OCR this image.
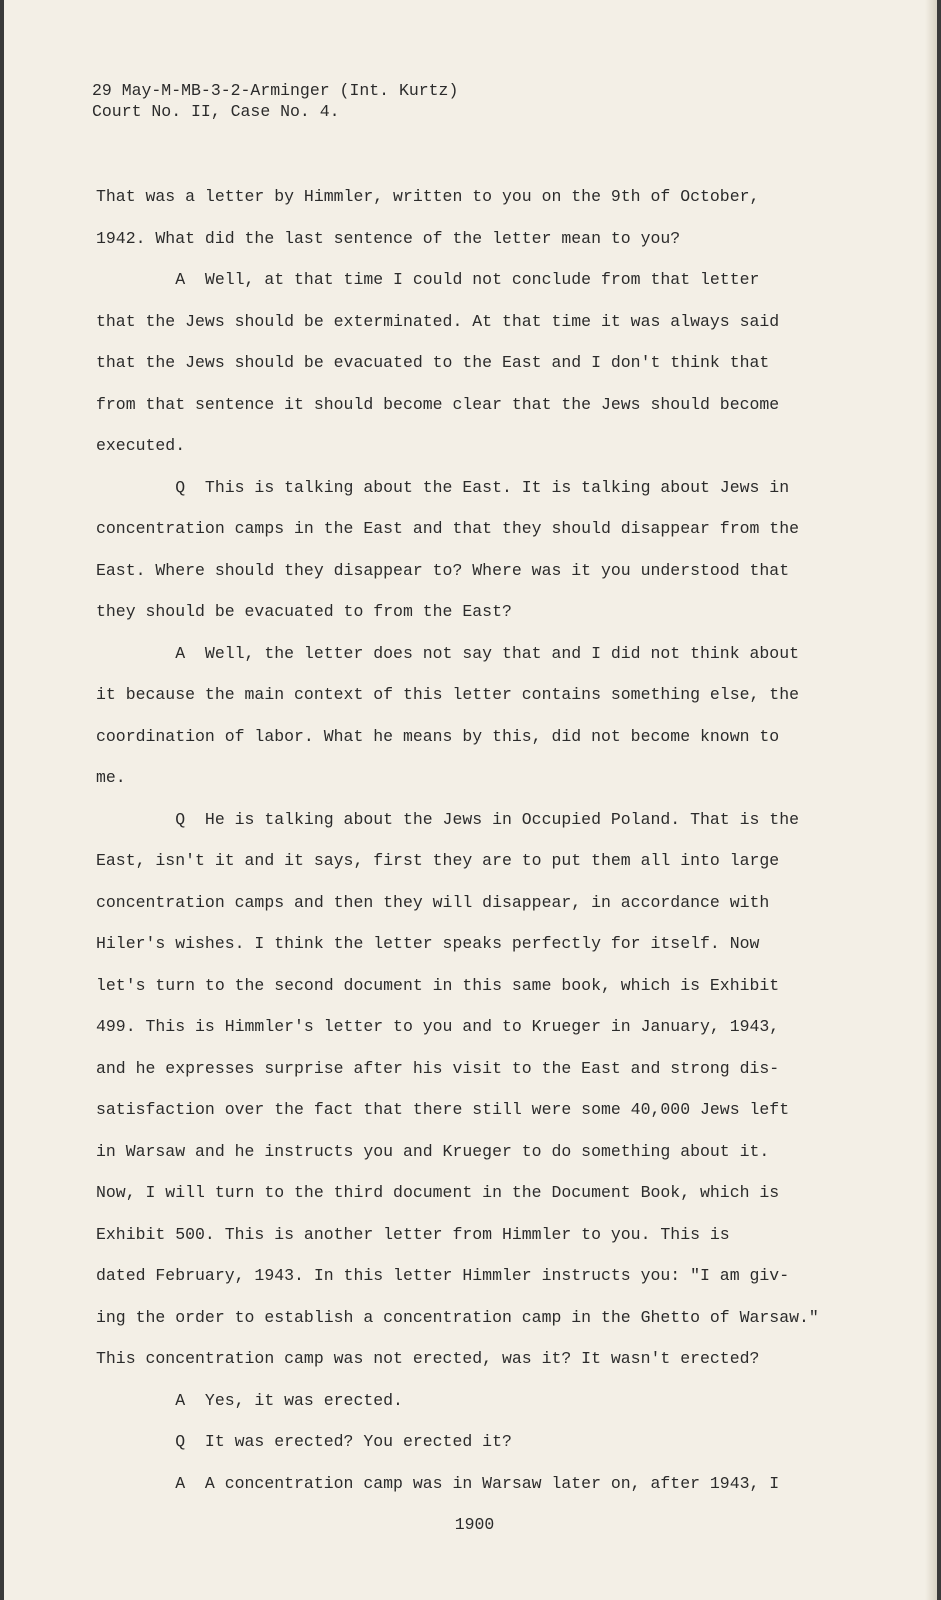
29 May-M-MB-3-2-Arminger (Int. Kurtz)
Court No. II, Case No. 4.
That was a letter by Himmler, written to you on the 9th of October,
1942. What did the last sentence of the letter mean to you?
A  Well, at that time I could not conclude from that letter
that the Jews should be exterminated. At that time it was always said
that the Jews should be evacuated to the East and I don't think that
from that sentence it should become clear that the Jews should become
executed.
Q  This is talking about the East. It is talking about Jews in
concentration camps in the East and that they should disappear from the
East. Where should they disappear to? Where was it you understood that
they should be evacuated to from the East?
A  Well, the letter does not say that and I did not think about
it because the main context of this letter contains something else, the
coordination of labor. What he means by this, did not become known to
me.
Q  He is talking about the Jews in Occupied Poland. That is the
East, isn't it and it says, first they are to put them all into large
concentration camps and then they will disappear, in accordance with
Hiler's wishes. I think the letter speaks perfectly for itself. Now
let's turn to the second document in this same book, which is Exhibit
499. This is Himmler's letter to you and to Krueger in January, 1943,
and he expresses surprise after his visit to the East and strong dis-
satisfaction over the fact that there still were some 40,000 Jews left
in Warsaw and he instructs you and Krueger to do something about it.
Now, I will turn to the third document in the Document Book, which is
Exhibit 500. This is another letter from Himmler to you. This is
dated February, 1943. In this letter Himmler instructs you: "I am giv-
ing the order to establish a concentration camp in the Ghetto of Warsaw."
This concentration camp was not erected, was it? It wasn't erected?
A  Yes, it was erected.
Q  It was erected? You erected it?
A  A concentration camp was in Warsaw later on, after 1943, I
1900
